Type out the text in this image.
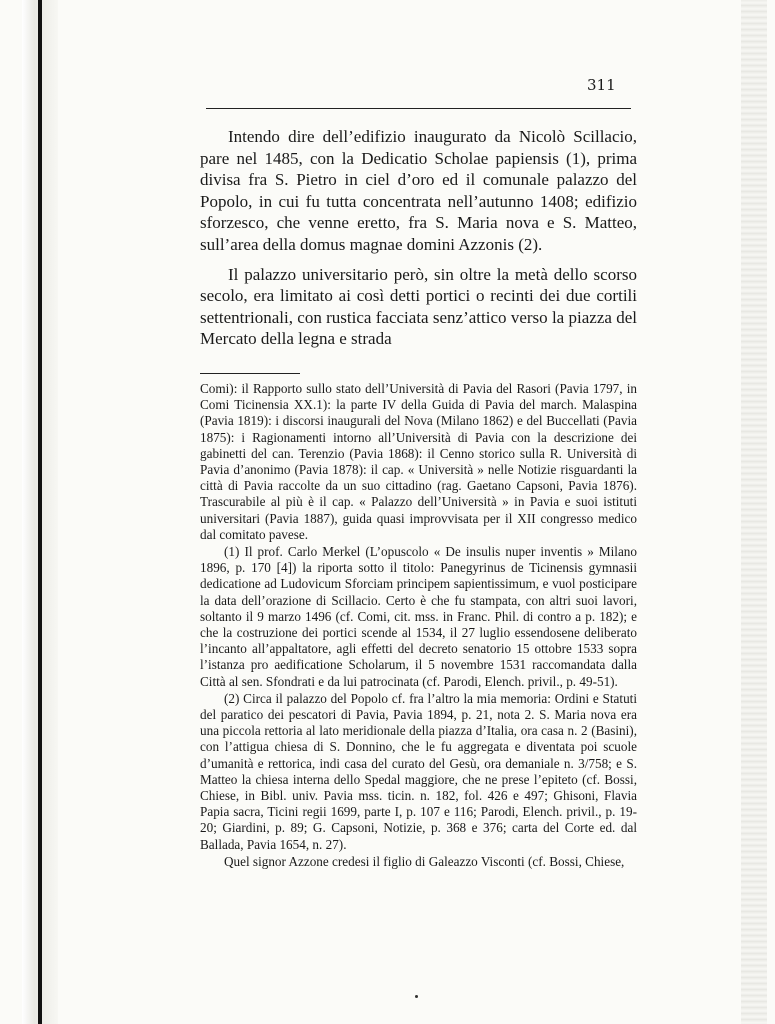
311

Intendo dire dell’edifizio inaugurato da Nicolò Scillacio, pare nel 1485, con la Dedicatio Scholae papiensis (1), prima divisa fra S. Pietro in ciel d’oro ed il comunale palazzo del Popolo, in cui fu tutta concentrata nell’autunno 1408; edifizio sforzesco, che venne eretto, fra S. Maria nova e S. Matteo, sull’area della domus magnae domini Azzonis (2).

Il palazzo universitario però, sin oltre la metà dello scorso secolo, era limitato ai così detti portici o recinti dei due cortili settentrionali, con rustica facciata senz’attico verso la piazza del Mercato della legna e strada

Comi): il Rapporto sullo stato dell’Università di Pavia del Rasori (Pavia 1797, in Comi Ticinensia XX.1): la parte IV della Guida di Pavia del march. Malaspina (Pavia 1819): i discorsi inaugurali del Nova (Milano 1862) e del Buccellati (Pavia 1875): i Ragionamenti intorno all’Università di Pavia con la descrizione dei gabinetti del can. Terenzio (Pavia 1868): il Cenno storico sulla R. Università di Pavia d’anonimo (Pavia 1878): il cap. « Università » nelle Notizie risguardanti la città di Pavia raccolte da un suo cittadino (rag. Gaetano Capsoni, Pavia 1876). Trascurabile al più è il cap. « Palazzo dell’Università » in Pavia e suoi istituti universitari (Pavia 1887), guida quasi improvvisata per il XII congresso medico dal comitato pavese.

(1) Il prof. Carlo Merkel (L’opuscolo « De insulis nuper inventis » Milano 1896, p. 170 [4]) la riporta sotto il titolo: Panegyrinus de Ticinensis gymnasii dedicatione ad Ludovicum Sforciam principem sapientissimum, e vuol posticipare la data dell’orazione di Scillacio. Certo è che fu stampata, con altri suoi lavori, soltanto il 9 marzo 1496 (cf. Comi, cit. mss. in Franc. Phil. di contro a p. 182); e che la costruzione dei portici scende al 1534, il 27 luglio essendosene deliberato l’incanto all’appaltatore, agli effetti del decreto senatorio 15 ottobre 1533 sopra l’istanza pro aedificatione Scholarum, il 5 novembre 1531 raccomandata dalla Città al sen. Sfondrati e da lui patrocinata (cf. Parodi, Elench. privil., p. 49-51).

(2) Circa il palazzo del Popolo cf. fra l’altro la mia memoria: Ordini e Statuti del paratico dei pescatori di Pavia, Pavia 1894, p. 21, nota 2. S. Maria nova era una piccola rettoria al lato meridionale della piazza d’Italia, ora casa n. 2 (Basini), con l’attigua chiesa di S. Donnino, che le fu aggregata e diventata poi scuole d’umanità e rettorica, indi casa del curato del Gesù, ora demaniale n. 3/758; e S. Matteo la chiesa interna dello Spedal maggiore, che ne prese l’epiteto (cf. Bossi, Chiese, in Bibl. univ. Pavia mss. ticin. n. 182, fol. 426 e 497; Ghisoni, Flavia Papia sacra, Ticini regii 1699, parte I, p. 107 e 116; Parodi, Elench. privil., p. 19-20; Giardini, p. 89; G. Capsoni, Notizie, p. 368 e 376; carta del Corte ed. dal Ballada, Pavia 1654, n. 27).

Quel signor Azzone credesi il figlio di Galeazzo Visconti (cf. Bossi, Chiese,
